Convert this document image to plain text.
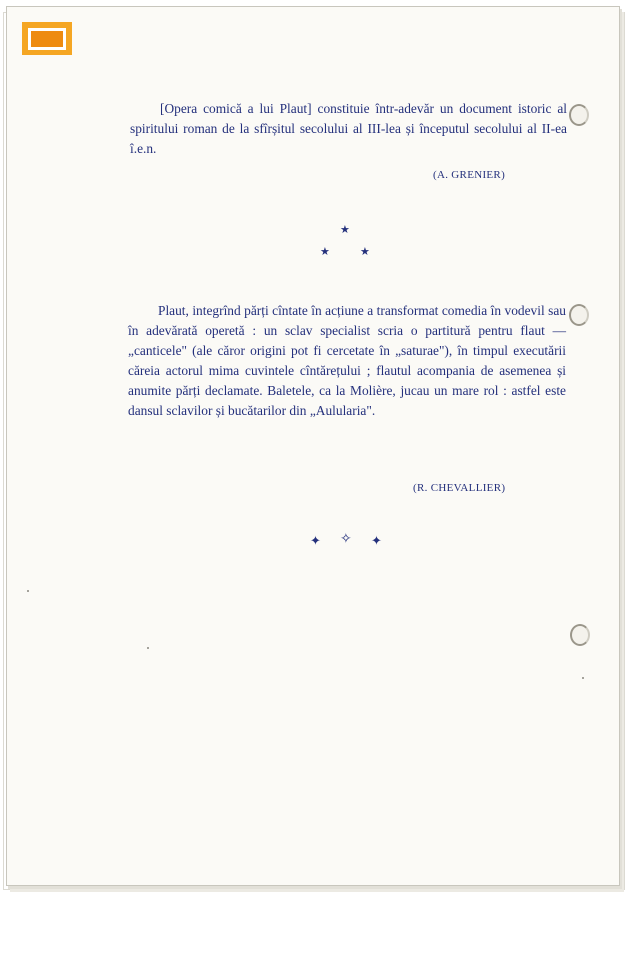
[Opera comică a lui Plaut] constituie într-adevăr un document istoric al spiritului roman de la sfîrșitul secolului al III-lea și începutul secolului al II-ea î.e.n.

(A. GRENIER)
★
★	★

Plaut, integrînd părți cîntate în acțiune a transformat comedia în vodevil sau în adevărată operetă : un sclav specialist scria o partitură pentru flaut — „canticele" (ale căror origini pot fi cercetate în „saturae"), în timpul executării căreia actorul mima cuvintele cîntărețului ; flautul acompania de asemenea și anumite părți declamate. Baletele, ca la Molière, jucau un mare rol : astfel este dansul sclavilor și bucătarilor din „Aulularia".

(R. CHEVALLIER)
✦ ✧ ✦
